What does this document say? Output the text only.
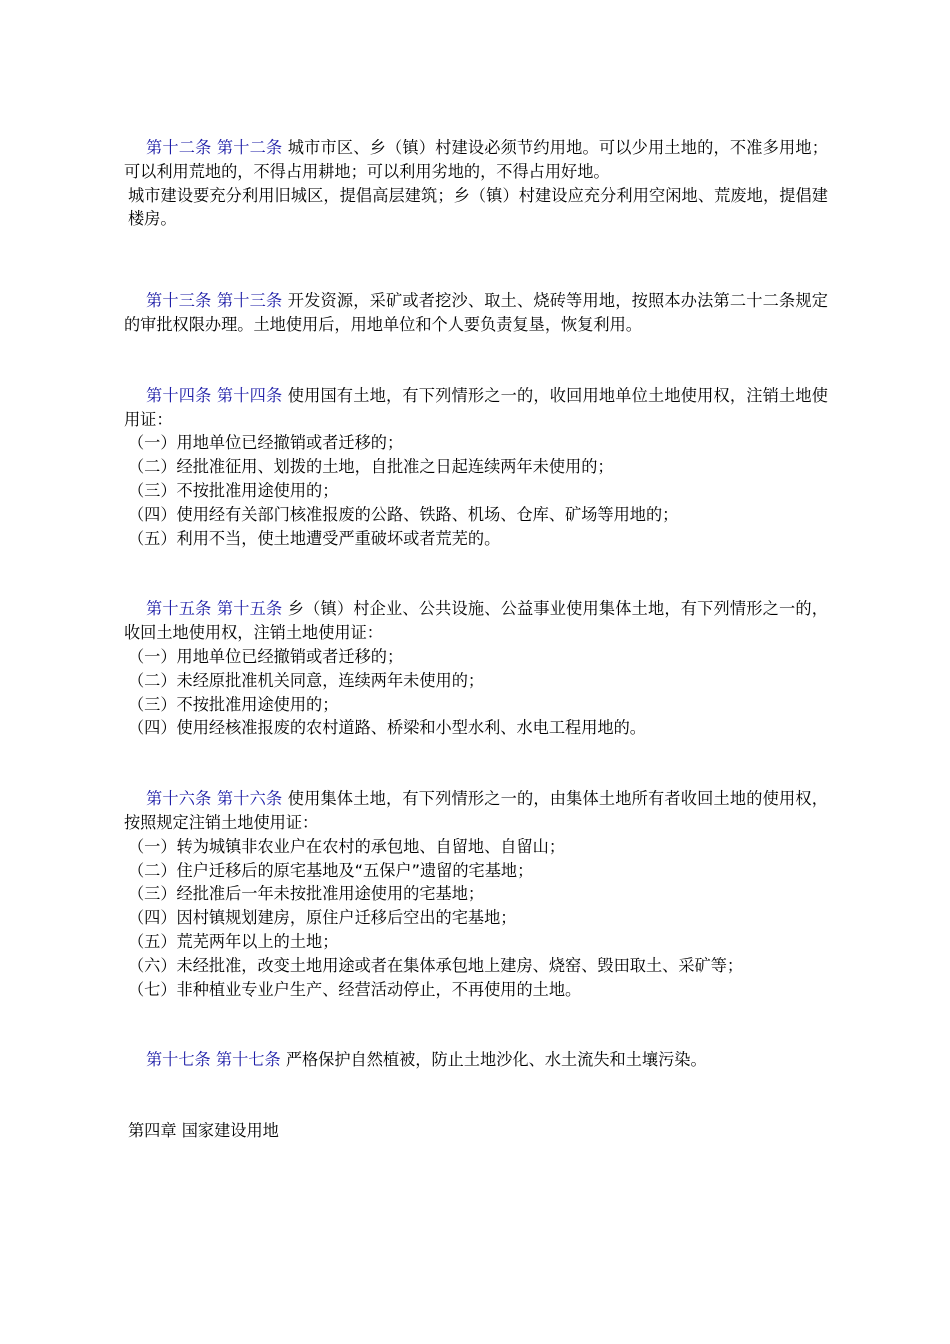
第十二条 第十二条 城市市区、乡（镇）村建设必须节约用地。可以少用土地的，不准多用地；可以利用荒地的，不得占用耕地；可以利用劣地的，不得占用好地。

城市建设要充分利用旧城区，提倡高层建筑；乡（镇）村建设应充分利用空闲地、荒废地，提倡建楼房。

第十三条 第十三条 开发资源，采矿或者挖沙、取土、烧砖等用地，按照本办法第二十二条规定的审批权限办理。土地使用后，用地单位和个人要负责复垦，恢复利用。

第十四条 第十四条 使用国有土地，有下列情形之一的，收回用地单位土地使用权，注销土地使用证：

（一）用地单位已经撤销或者迁移的；

（二）经批准征用、划拨的土地，自批准之日起连续两年未使用的；

（三）不按批准用途使用的；

（四）使用经有关部门核准报废的公路、铁路、机场、仓库、矿场等用地的；

（五）利用不当，使土地遭受严重破坏或者荒芜的。

第十五条 第十五条 乡（镇）村企业、公共设施、公益事业使用集体土地，有下列情形之一的，收回土地使用权，注销土地使用证：

（一）用地单位已经撤销或者迁移的；

（二）未经原批准机关同意，连续两年未使用的；

（三）不按批准用途使用的；

（四）使用经核准报废的农村道路、桥梁和小型水利、水电工程用地的。

第十六条 第十六条 使用集体土地，有下列情形之一的，由集体土地所有者收回土地的使用权，按照规定注销土地使用证：

（一）转为城镇非农业户在农村的承包地、自留地、自留山；

（二）住户迁移后的原宅基地及“五保户”遗留的宅基地；

（三）经批准后一年未按批准用途使用的宅基地；

（四）因村镇规划建房，原住户迁移后空出的宅基地；

（五）荒芜两年以上的土地；

（六）未经批准，改变土地用途或者在集体承包地上建房、烧窑、毁田取土、采矿等；

（七）非种植业专业户生产、经营活动停止，不再使用的土地。

第十七条 第十七条 严格保护自然植被，防止土地沙化、水土流失和土壤污染。

第四章 国家建设用地
